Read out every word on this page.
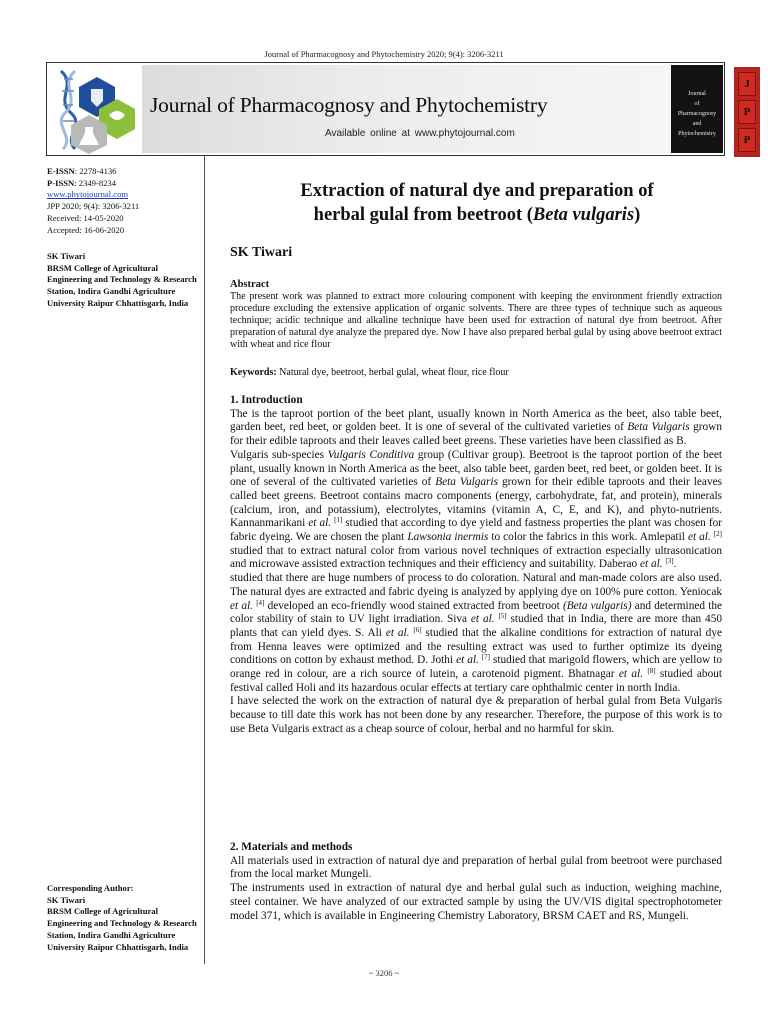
Journal of Pharmacognosy and Phytochemistry 2020; 9(4): 3206-3211
Journal of Pharmacognosy and Phytochemistry
Available online at www.phytojournal.com
J
P
P
Journal
of
Pharmacognosy
and
Phytochemistry
E-ISSN: 2278-4136
P-ISSN: 2349-8234
www.phytojournal.com
JPP 2020; 9(4): 3206-3211
Received: 14-05-2020
Accepted: 16-06-2020
SK Tiwari
BRSM College of Agricultural Engineering and Technology & Research Station, Indira Gandhi Agriculture University Raipur Chhattisgarh, India
Corresponding Author:
SK Tiwari
BRSM College of Agricultural Engineering and Technology & Research Station, Indira Gandhi Agriculture University Raipur Chhattisgarh, India
Extraction of natural dye and preparation of
herbal gulal from beetroot (Beta vulgaris)
SK Tiwari
Abstract
The present work was planned to extract more colouring component with keeping the environment friendly extraction procedure excluding the extensive application of organic solvents. There are three types of technique such as aqueous technique; acidic technique and alkaline technique have been used for extraction of natural dye from beetroot. After preparation of natural dye analyze the prepared dye. Now I have also prepared herbal gulal by using above beetroot extract with wheat and rice flour
Keywords: Natural dye, beetroot, herbal gulal, wheat flour, rice flour
1. Introduction
The is the taproot portion of the beet plant, usually known in North America as the beet, also table beet, garden beet, red beet, or golden beet. It is one of several of the cultivated varieties of Beta Vulgaris grown for their edible taproots and their leaves called beet greens. These varieties have been classified as B.
Vulgaris sub-species Vulgaris Conditiva group (Cultivar group). Beetroot is the taproot portion of the beet plant, usually known in North America as the beet, also table beet, garden beet, red beet, or golden beet. It is one of several of the cultivated varieties of Beta Vulgaris grown for their edible taproots and their leaves called beet greens. Beetroot contains macro components (energy, carbohydrate, fat, and protein), minerals (calcium, iron, and potassium), electrolytes, vitamins (vitamin A, C, E, and K), and phyto-nutrients. Kannanmarikani et al. [1] studied that according to dye yield and fastness properties the plant was chosen for fabric dyeing. We are chosen the plant Lawsonia inermis to color the fabrics in this work. Amlepatil et al. [2] studied that to extract natural color from various novel techniques of extraction especially ultrasonication and microwave assisted extraction techniques and their efficiency and suitability. Daberao et al. [3].
studied that there are huge numbers of process to do coloration. Natural and man-made colors are also used. The natural dyes are extracted and fabric dyeing is analyzed by applying dye on 100% pure cotton. Yeniocak et al. [4] developed an eco-friendly wood stained extracted from beetroot (Beta vulgaris) and determined the color stability of stain to UV light irradiation. Siva et al. [5] studied that in India, there are more than 450 plants that can yield dyes. S. Ali et al. [6] studied that the alkaline conditions for extraction of natural dye from Henna leaves were optimized and the resulting extract was used to further optimize its dyeing conditions on cotton by exhaust method. D. Jothi et al. [7] studied that marigold flowers, which are yellow to orange red in colour, are a rich source of lutein, a carotenoid pigment. Bhatnagar et al. [8] studied about festival called Holi and its hazardous ocular effects at tertiary care ophthalmic center in north India.
I have selected the work on the extraction of natural dye & preparation of herbal gulal from Beta Vulgaris because to till date this work has not been done by any researcher. Therefore, the purpose of this work is to use Beta Vulgaris extract as a cheap source of colour, herbal and no harmful for skin.
2. Materials and methods
All materials used in extraction of natural dye and preparation of herbal gulal from beetroot were purchased from the local market Mungeli.
The instruments used in extraction of natural dye and herbal gulal such as induction, weighing machine, steel container. We have analyzed of our extracted sample by using the UV/VIS digital spectrophotometer model 371, which is available in Engineering Chemistry Laboratory, BRSM CAET and RS, Mungeli.
~ 3206 ~
